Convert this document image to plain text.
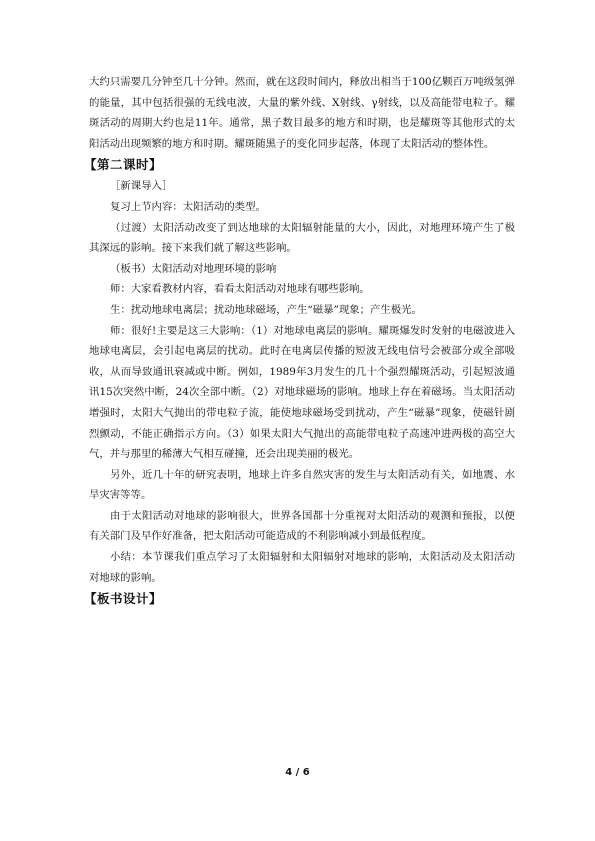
大约只需要几分钟至几十分钟。然而，就在这段时间内，释放出相当于100亿颗百万吨级氢弹的能量，其中包括很强的无线电波，大量的紫外线、X射线、γ射线，以及高能带电粒子。耀斑活动的周期大约也是11年。通常，黑子数目最多的地方和时期，也是耀斑等其他形式的太阳活动出现频繁的地方和时期。耀斑随黑子的变化同步起落，体现了太阳活动的整体性。

【第二课时】

［新课导入］

复习上节内容：太阳活动的类型。

（过渡）太阳活动改变了到达地球的太阳辐射能量的大小，因此，对地理环境产生了极其深远的影响。接下来我们就了解这些影响。

（板书）太阳活动对地理环境的影响

师：大家看教材内容，看看太阳活动对地球有哪些影响。

生：扰动地球电离层；扰动地球磁场，产生“磁暴”现象；产生极光。

师：很好!主要是这三大影响：（1）对地球电离层的影响。耀斑爆发时发射的电磁波进入地球电离层，会引起电离层的扰动。此时在电离层传播的短波无线电信号会被部分或全部吸收，从而导致通讯衰减或中断。例如，1989年3月发生的几十个强烈耀斑活动，引起短波通讯15次突然中断，24次全部中断。（2）对地球磁场的影响。地球上存在着磁场。当太阳活动增强时，太阳大气抛出的带电粒子流，能使地球磁场受到扰动，产生“磁暴”现象，使磁针剧烈颤动，不能正确指示方向。（3）如果太阳大气抛出的高能带电粒子高速冲进两极的高空大气，并与那里的稀薄大气相互碰撞，还会出现美丽的极光。

另外，近几十年的研究表明，地球上许多自然灾害的发生与太阳活动有关，如地震、水旱灾害等等。

由于太阳活动对地球的影响很大，世界各国都十分重视对太阳活动的观测和预报，以便有关部门及早作好准备，把太阳活动可能造成的不利影响减小到最低程度。

小结：本节课我们重点学习了太阳辐射和太阳辐射对地球的影响，太阳活动及太阳活动对地球的影响。

【板书设计】

4 / 6
